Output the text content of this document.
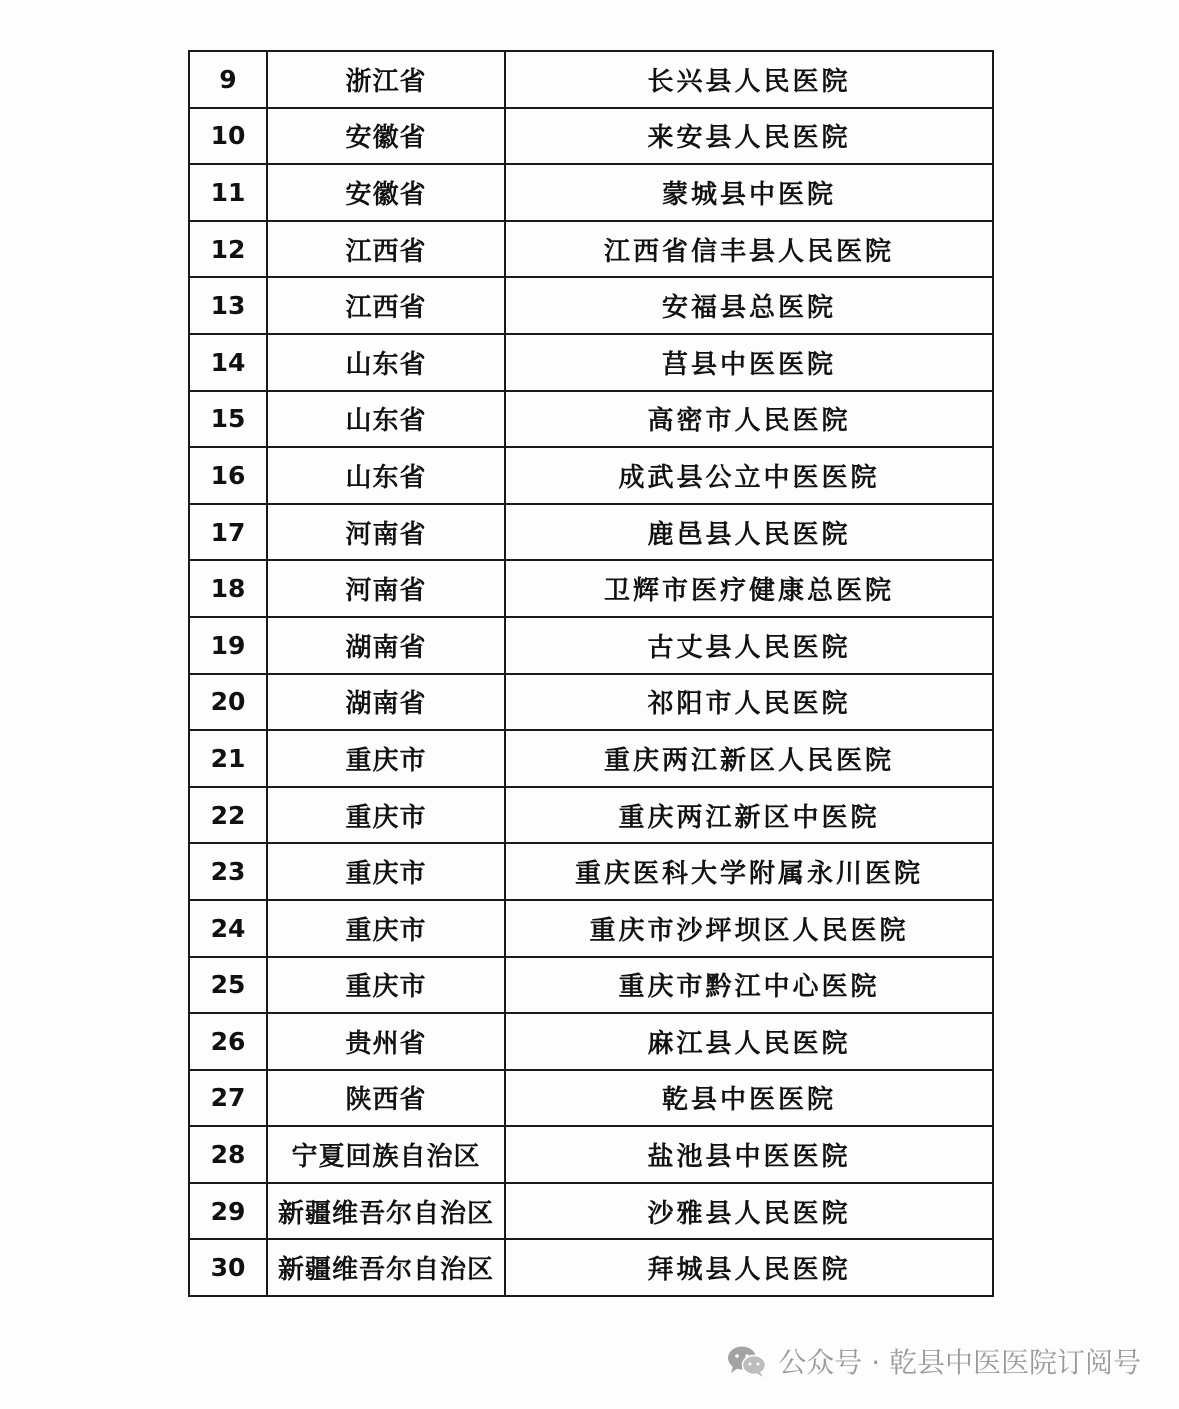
9	浙江省	长兴县人民医院
10	安徽省	来安县人民医院
11	安徽省	蒙城县中医院
12	江西省	江西省信丰县人民医院
13	江西省	安福县总医院
14	山东省	莒县中医医院
15	山东省	高密市人民医院
16	山东省	成武县公立中医医院
17	河南省	鹿邑县人民医院
18	河南省	卫辉市医疗健康总医院
19	湖南省	古丈县人民医院
20	湖南省	祁阳市人民医院
21	重庆市	重庆两江新区人民医院
22	重庆市	重庆两江新区中医院
23	重庆市	重庆医科大学附属永川医院
24	重庆市	重庆市沙坪坝区人民医院
25	重庆市	重庆市黔江中心医院
26	贵州省	麻江县人民医院
27	陕西省	乾县中医医院
28	宁夏回族自治区	盐池县中医医院
29	新疆维吾尔自治区	沙雅县人民医院
30	新疆维吾尔自治区	拜城县人民医院
公众号 · 乾县中医医院订阅号
